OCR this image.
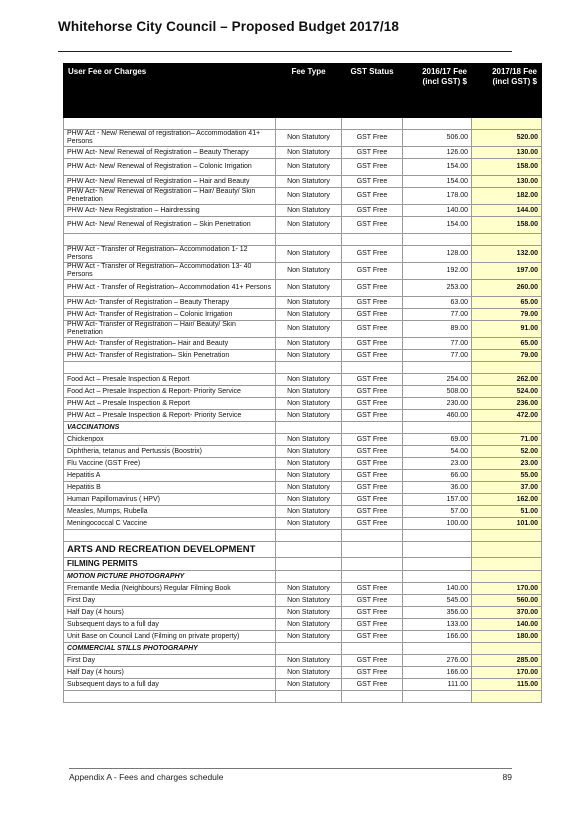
Whitehorse City Council – Proposed Budget 2017/18
User Fee or Charges	Fee Type	GST Status	2016/17 Fee (incl GST) $	2017/18 Fee (incl GST) $

PHW Act - New/ Renewal of registration– Accommodation 41+ Persons	Non Statutory	GST Free	506.00	520.00
PHW Act- New/ Renewal of Registration – Beauty Therapy	Non Statutory	GST Free	126.00	130.00
PHW Act- New/ Renewal of Registration – Colonic Irrigation	Non Statutory	GST Free	154.00	158.00
PHW Act- New/ Renewal of Registration – Hair and Beauty	Non Statutory	GST Free	154.00	130.00
PHW Act- New/ Renewal of Registration – Hair/ Beauty/ Skin Penetration	Non Statutory	GST Free	178.00	182.00
PHW Act- New Registration – Hairdressing	Non Statutory	GST Free	140.00	144.00
PHW Act- New/ Renewal of Registration – Skin Penetration	Non Statutory	GST Free	154.00	158.00

PHW Act - Transfer of Registration– Accommodation 1- 12 Persons	Non Statutory	GST Free	128.00	132.00
PHW Act - Transfer of Registration– Accommodation 13- 40 Persons	Non Statutory	GST Free	192.00	197.00
PHW Act - Transfer of Registration– Accommodation 41+ Persons	Non Statutory	GST Free	253.00	260.00
PHW Act- Transfer of Registration – Beauty Therapy	Non Statutory	GST Free	63.00	65.00
PHW Act- Transfer of Registration – Colonic Irrigation	Non Statutory	GST Free	77.00	79.00
PHW Act- Transfer of Registration – Hair/ Beauty/ Skin Penetration	Non Statutory	GST Free	89.00	91.00
PHW Act- Transfer of Registration– Hair and Beauty	Non Statutory	GST Free	77.00	65.00
PHW Act- Transfer of Registration– Skin Penetration	Non Statutory	GST Free	77.00	79.00

Food Act – Presale Inspection & Report	Non Statutory	GST Free	254.00	262.00
Food Act – Presale Inspection & Report- Priority Service	Non Statutory	GST Free	508.00	524.00
PHW Act – Presale Inspection & Report	Non Statutory	GST Free	230.00	236.00
PHW Act – Presale Inspection & Report- Priority Service	Non Statutory	GST Free	460.00	472.00
VACCINATIONS				
Chickenpox	Non Statutory	GST Free	69.00	71.00
Diphtheria, tetanus and Pertussis (Boostrix)	Non Statutory	GST Free	54.00	52.00
Flu Vaccine (GST Free)	Non Statutory	GST Free	23.00	23.00
Hepatitis A	Non Statutory	GST Free	66.00	55.00
Hepatitis B	Non Statutory	GST Free	36.00	37.00
Human Papillomavirus ( HPV)	Non Statutory	GST Free	157.00	162.00
Measles, Mumps, Rubella	Non Statutory	GST Free	57.00	51.00
Meningococcal C Vaccine	Non Statutory	GST Free	100.00	101.00

ARTS AND RECREATION DEVELOPMENT				
FILMING PERMITS				
MOTION PICTURE PHOTOGRAPHY				
Fremantle Media (Neighbours) Regular Filming Book	Non Statutory	GST Free	140.00	170.00
First Day	Non Statutory	GST Free	545.00	560.00
Half Day (4 hours)	Non Statutory	GST Free	356.00	370.00
Subsequent days to a full day	Non Statutory	GST Free	133.00	140.00
Unit Base on Council Land (Filming on private property)	Non Statutory	GST Free	166.00	180.00
COMMERCIAL STILLS PHOTOGRAPHY				
First Day	Non Statutory	GST Free	276.00	285.00
Half Day (4 hours)	Non Statutory	GST Free	166.00	170.00
Subsequent days to a full day	Non Statutory	GST Free	111.00	115.00

Appendix A - Fees and charges schedule	89
